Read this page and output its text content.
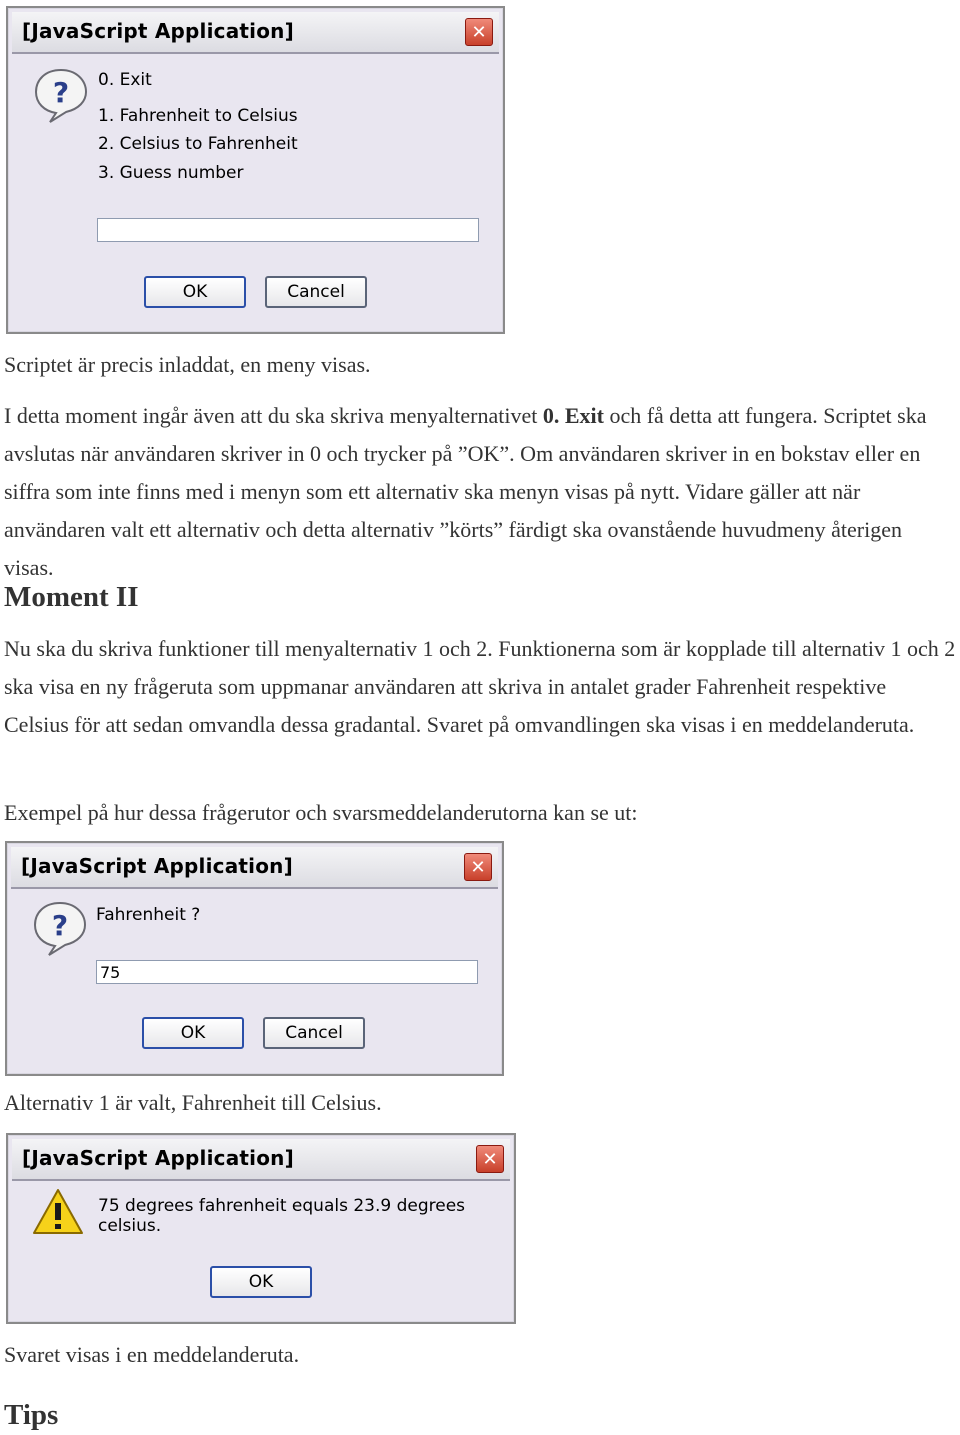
[JavaScript Application]	✕
? 0. Exit
1. Fahrenheit to Celsius
2. Celsius to Fahrenheit
3. Guess number
OK	Cancel
Scriptet är precis inladdat, en meny visas.
I detta moment ingår även att du ska skriva menyalternativet 0. Exit och få detta att fungera. Scriptet ska avslutas när användaren skriver in 0 och trycker på ”OK”. Om användaren skriver in en bokstav eller en siffra som inte finns med i menyn som ett alternativ ska menyn visas på nytt. Vidare gäller att när användaren valt ett alternativ och detta alternativ ”körts” färdigt ska ovanstående huvudmeny återigen visas.
Moment II
Nu ska du skriva funktioner till menyalternativ 1 och 2. Funktionerna som är kopplade till alternativ 1 och 2 ska visa en ny frågeruta som uppmanar användaren att skriva in antalet grader Fahrenheit respektive Celsius för att sedan omvandla dessa gradantal. Svaret på omvandlingen ska visas i en meddelanderuta.
Exempel på hur dessa frågerutor och svarsmeddelanderutorna kan se ut:
[JavaScript Application]	✕
? Fahrenheit ?
75
OK	Cancel
Alternativ 1 är valt, Fahrenheit till Celsius.
[JavaScript Application]	✕
75 degrees fahrenheit equals 23.9 degrees celsius.
OK
Svaret visas i en meddelanderuta.
Tips
